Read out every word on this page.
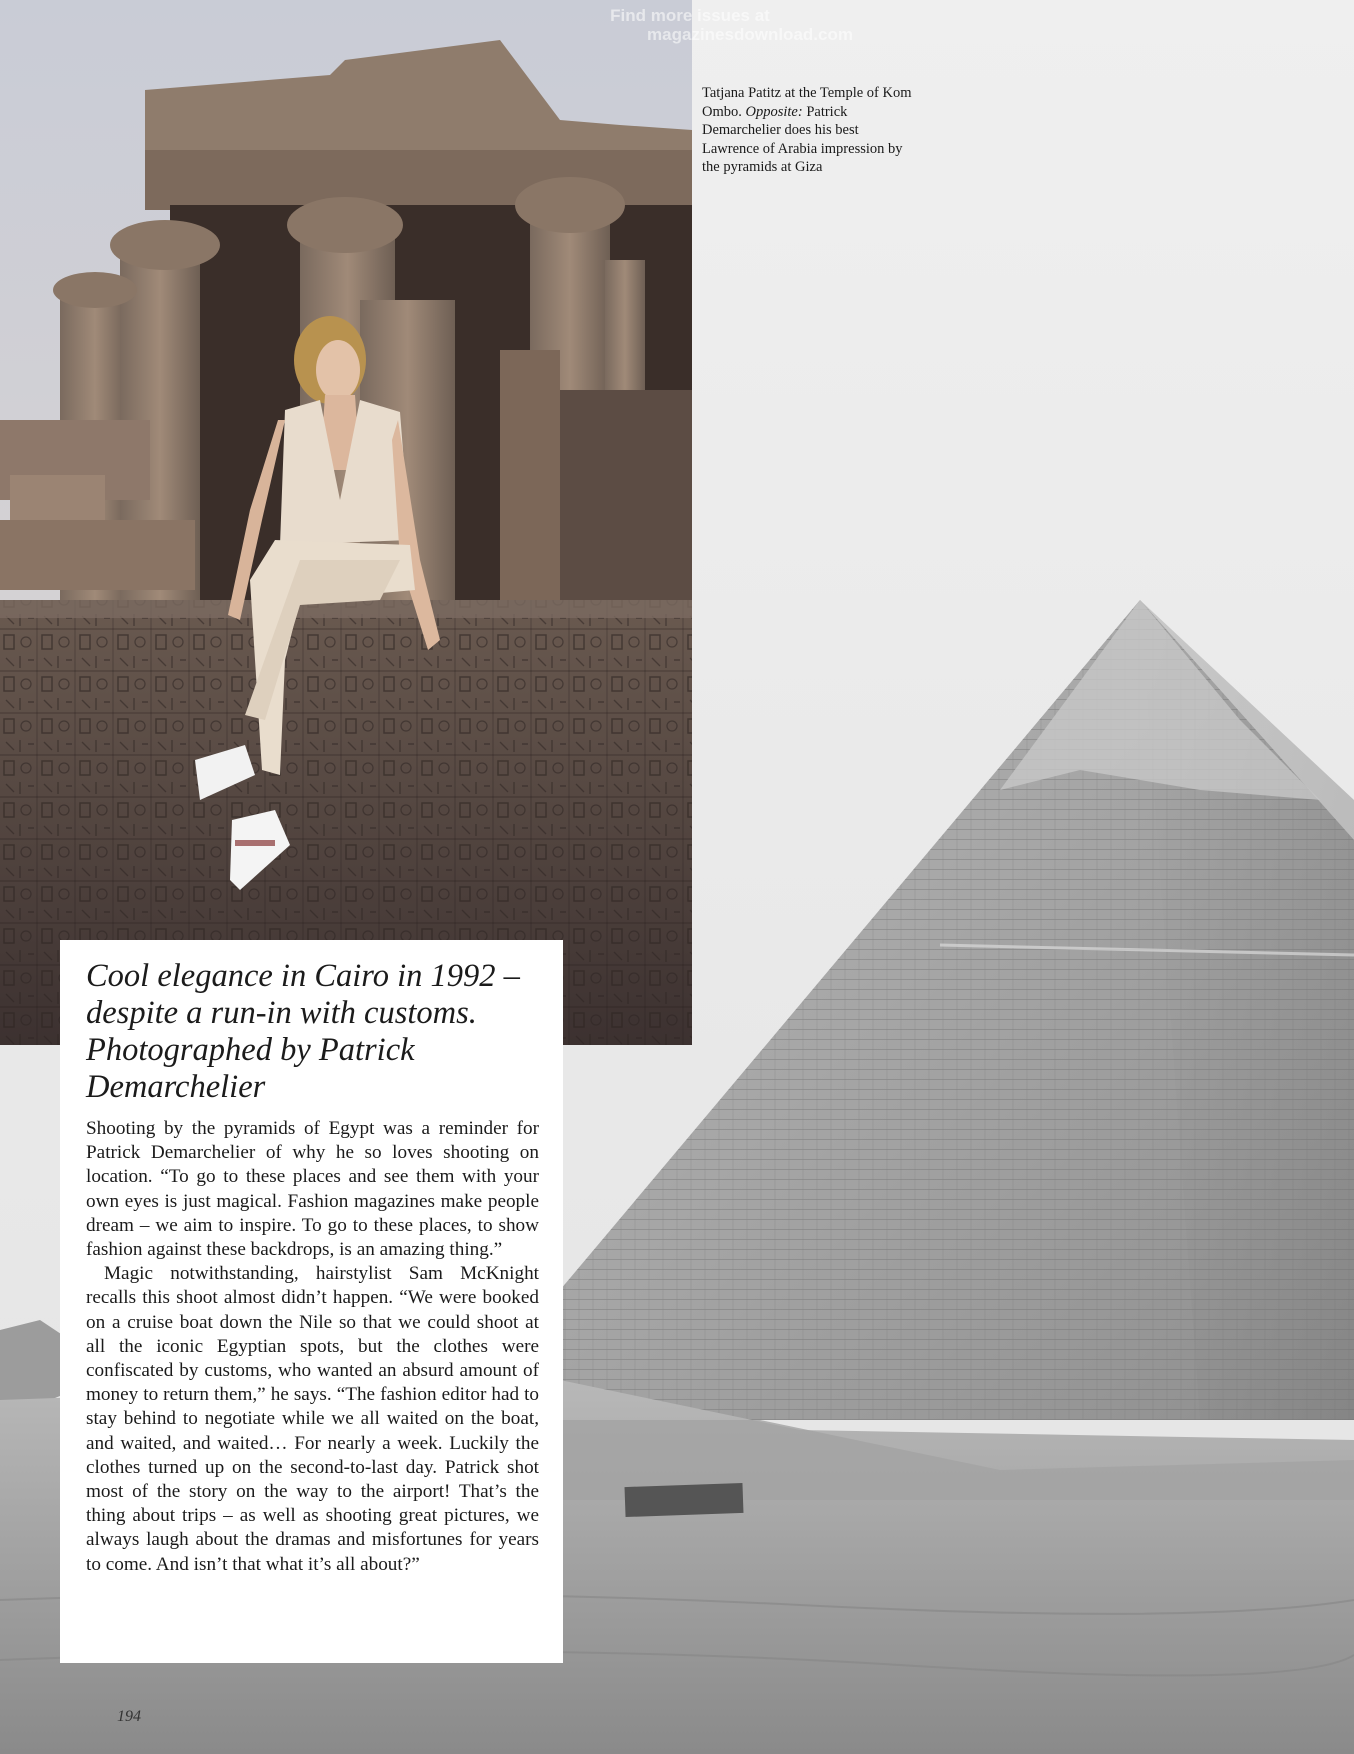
Find more issues at
magazinesdownload.com
Tatjana Patitz at the Temple of Kom Ombo. Opposite: Patrick Demarchelier does his best Lawrence of Arabia impression by the pyramids at Giza
Cool elegance in Cairo in 1992 – despite a run-in with customs. Photographed by Patrick Demarchelier

Shooting by the pyramids of Egypt was a reminder for Patrick Demarchelier of why he so loves shooting on location. “To go to these places and see them with your own eyes is just magical. Fashion magazines make people dream – we aim to inspire. To go to these places, to show fashion against these backdrops, is an amazing thing.”

Magic notwithstanding, hairstylist Sam McKnight recalls this shoot almost didn’t happen. “We were booked on a cruise boat down the Nile so that we could shoot at all the iconic Egyptian spots, but the clothes were confiscated by customs, who wanted an absurd amount of money to return them,” he says. “The fashion editor had to stay behind to negotiate while we all waited on the boat, and waited, and waited… For nearly a week. Luckily the clothes turned up on the second-to-last day. Patrick shot most of the story on the way to the airport! That’s the thing about trips – as well as shooting great pictures, we always laugh about the dramas and misfortunes for years to come. And isn’t that what it’s all about?”

194
